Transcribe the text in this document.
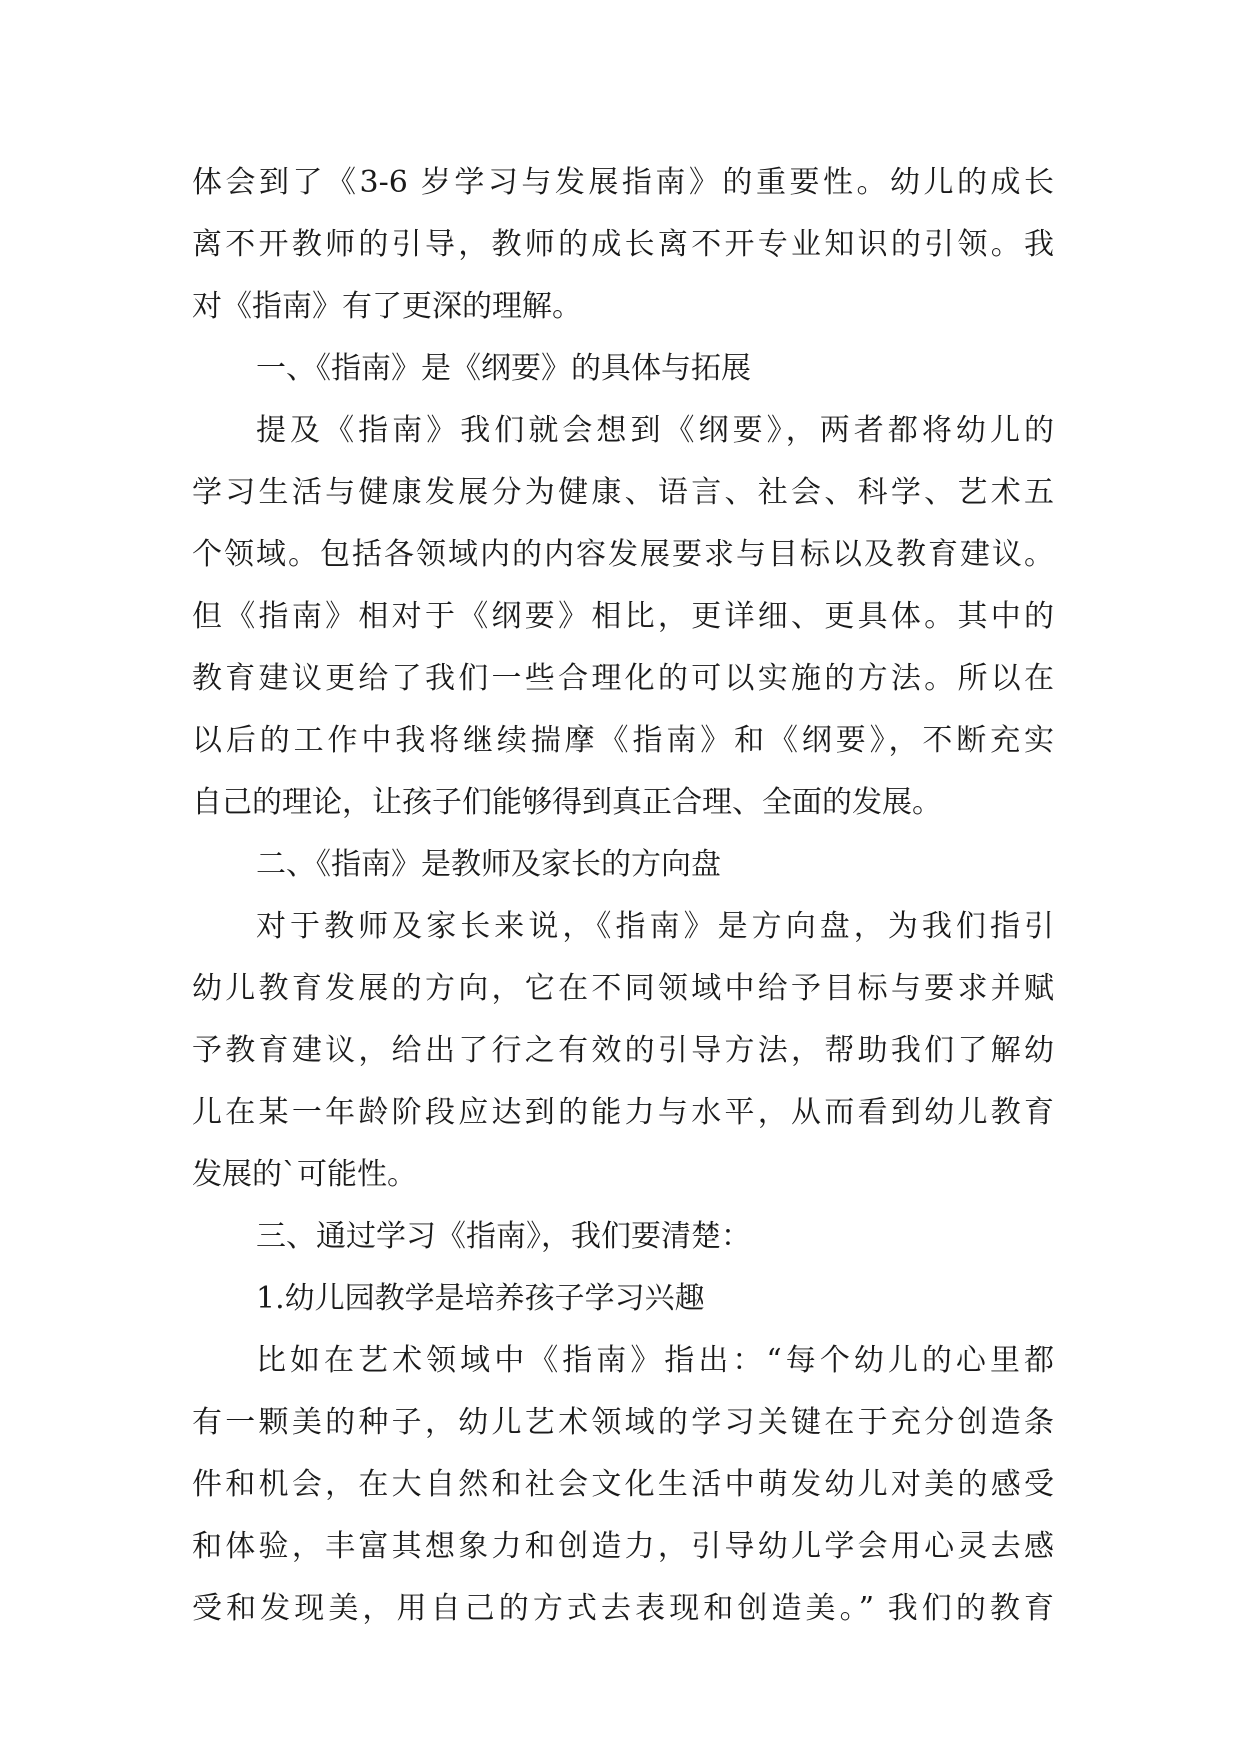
体会到了《3-6 岁学习与发展指南》的重要性。幼儿的成长
离不开教师的引导，教师的成长离不开专业知识的引领。我
对《指南》有了更深的理解。
一、《指南》是《纲要》的具体与拓展
提及《指南》我们就会想到《纲要》，两者都将幼儿的
学习生活与健康发展分为健康、语言、社会、科学、艺术五
个领域。包括各领域内的内容发展要求与目标以及教育建议。
但《指南》相对于《纲要》相比，更详细、更具体。其中的
教育建议更给了我们一些合理化的可以实施的方法。所以在
以后的工作中我将继续揣摩《指南》和《纲要》，不断充实
自己的理论，让孩子们能够得到真正合理、全面的发展。
二、《指南》是教师及家长的方向盘
对于教师及家长来说，《指南》是方向盘，为我们指引
幼儿教育发展的方向，它在不同领域中给予目标与要求并赋
予教育建议，给出了行之有效的引导方法，帮助我们了解幼
儿在某一年龄阶段应达到的能力与水平，从而看到幼儿教育
发展的`可能性。
三、通过学习《指南》，我们要清楚：
1.幼儿园教学是培养孩子学习兴趣
比如在艺术领域中《指南》指出：“每个幼儿的心里都
有一颗美的种子，幼儿艺术领域的学习关键在于充分创造条
件和机会，在大自然和社会文化生活中萌发幼儿对美的感受
和体验，丰富其想象力和创造力，引导幼儿学会用心灵去感
受和发现美，用自己的方式去表现和创造美。” 我们的教育
